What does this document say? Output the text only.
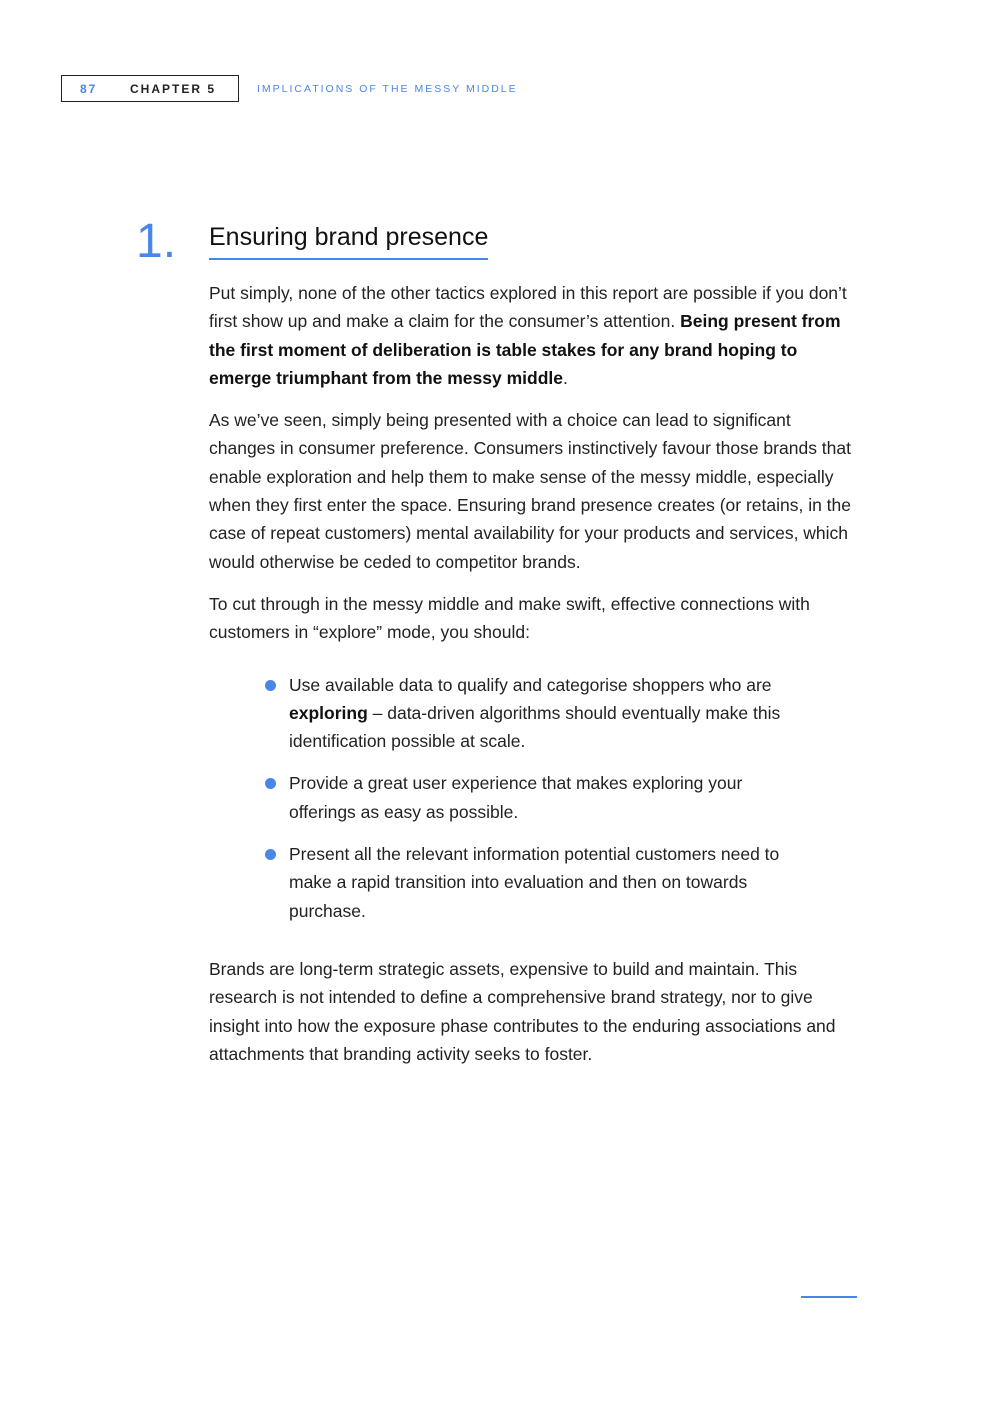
87	CHAPTER 5	IMPLICATIONS OF THE MESSY MIDDLE
1. Ensuring brand presence

Put simply, none of the other tactics explored in this report are possible if you don’t first show up and make a claim for the consumer’s attention. Being present from the first moment of deliberation is table stakes for any brand hoping to emerge triumphant from the messy middle.

As we’ve seen, simply being presented with a choice can lead to significant changes in consumer preference. Consumers instinctively favour those brands that enable exploration and help them to make sense of the messy middle, especially when they first enter the space. Ensuring brand presence creates (or retains, in the case of repeat customers) mental availability for your products and services, which would otherwise be ceded to competitor brands.

To cut through in the messy middle and make swift, effective connections with customers in “explore” mode, you should:

Use available data to qualify and categorise shoppers who are exploring – data-driven algorithms should eventually make this identification possible at scale.
Provide a great user experience that makes exploring your offerings as easy as possible.
Present all the relevant information potential customers need to make a rapid transition into evaluation and then on towards purchase.

Brands are long-term strategic assets, expensive to build and maintain. This research is not intended to define a comprehensive brand strategy, nor to give insight into how the exposure phase contributes to the enduring associations and attachments that branding activity seeks to foster.
